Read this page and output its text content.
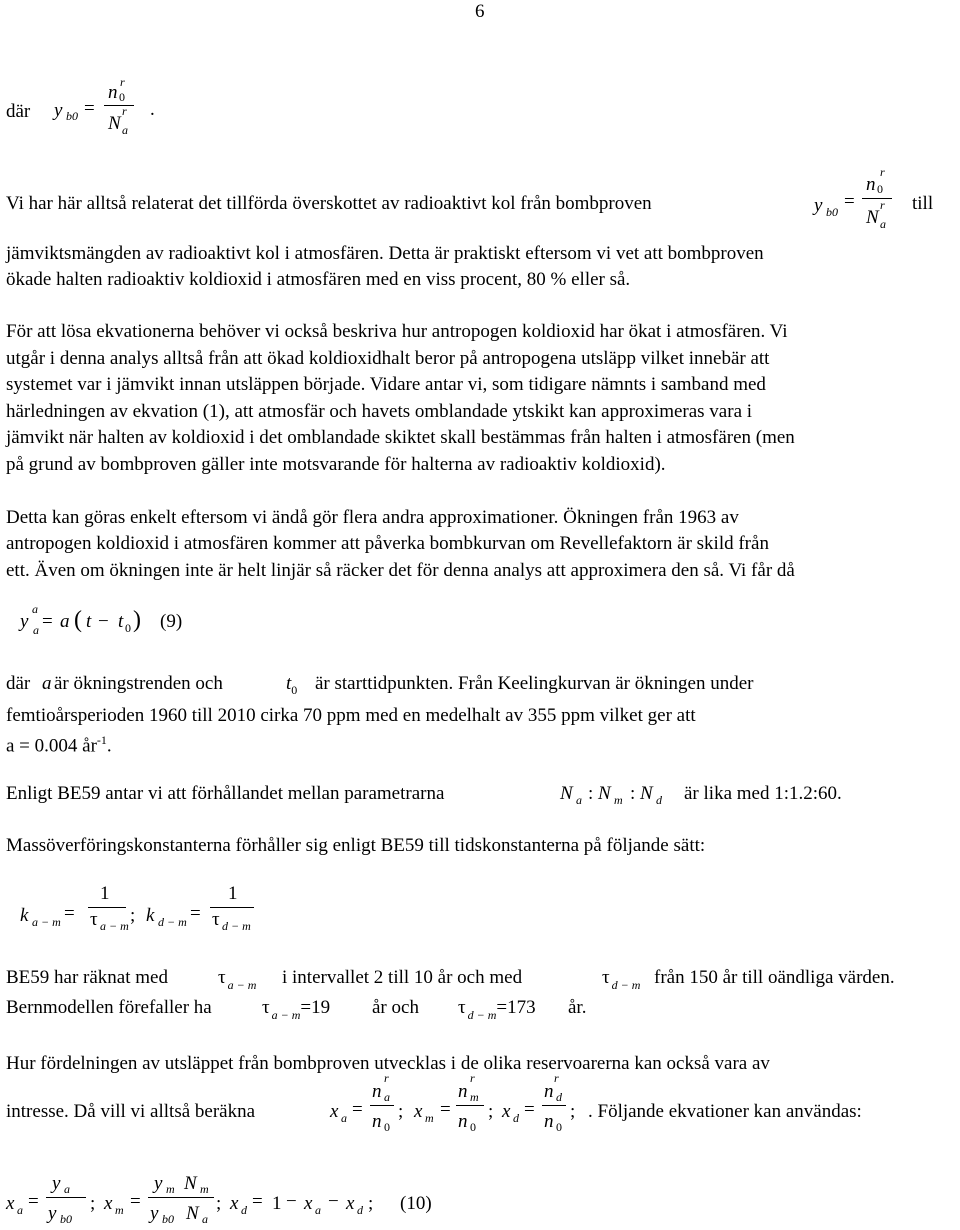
6
där y b0 =
r
n 0
r
N a
.
Vi har här alltså relaterat det tillförda överskottet av radioaktivt kol från bombproven	y b0 =
r
n 0
r
N a
till
jämviktsmängden av radioaktivt kol i atmosfären. Detta är praktiskt eftersom vi vet att bombproven
ökade halten radioaktiv koldioxid i atmosfären med en viss procent, 80 % eller så.
För att lösa ekvationerna behöver vi också beskriva hur antropogen koldioxid har ökat i atmosfären. Vi
utgår i denna analys alltså från att ökad koldioxidhalt beror på antropogena utsläpp vilket innebär att
systemet var i jämvikt innan utsläppen började. Vidare antar vi, som tidigare nämnts i samband med
härledningen av ekvation (1), att atmosfär och havets omblandade ytskikt kan approximeras vara i
jämvikt när halten av koldioxid i det omblandade skiktet skall bestämmas från halten i atmosfären (men
på grund av bombproven gäller inte motsvarande för halterna av radioaktiv koldioxid).
Detta kan göras enkelt eftersom vi ändå gör flera andra approximationer. Ökningen från 1963 av
antropogen koldioxid i atmosfären kommer att påverka bombkurvan om Revellefaktorn är skild från
ett. Även om ökningen inte är helt linjär så räcker det för denna analys att approximera den så. Vi får då
y
a
a = a ( t − t 0 ) (9)
där a är ökningstrenden och	$t_0$ är starttidpunkten. Från Keelingkurvan är ökningen under
femtioårsperioden 1960 till 2010 cirka 70 ppm med en medelhalt av 355 ppm vilket ger att
a = 0.004 $år^{-1}$.
Enligt BE59 antar vi att förhållandet mellan parametrarna	N a : N m : N d är lika med 1:1.2:60.
Massöverföringskonstanterna förhåller sig enligt BE59 till tidskonstanterna på följande sätt:
k a − m =
1
τ a − m ; k d − m =
1
τ d − m
BE59 har räknat med	τ $_{a - m}$ i intervallet 2 till 10 år och med	τ $_{d - m}$ från 150 år till oändliga värden.
Bernmodellen förefaller ha	τ $_{a - m}$=19 år och τ $_{d - m}$=173 år.
Hur fördelningen av utsläppet från bombproven utvecklas i de olika reservoarerna kan också vara av
intresse. Då vill vi alltså beräkna	x a =
r
n a
n 0
; x m =
r
n m
n 0
; x d =
r
n d
n 0
; . Följande ekvationer kan användas:
x a =
y a
y b0
; x m =
y m N m
y b0 N a
; x d = 1 − x a − x d ; (10)
